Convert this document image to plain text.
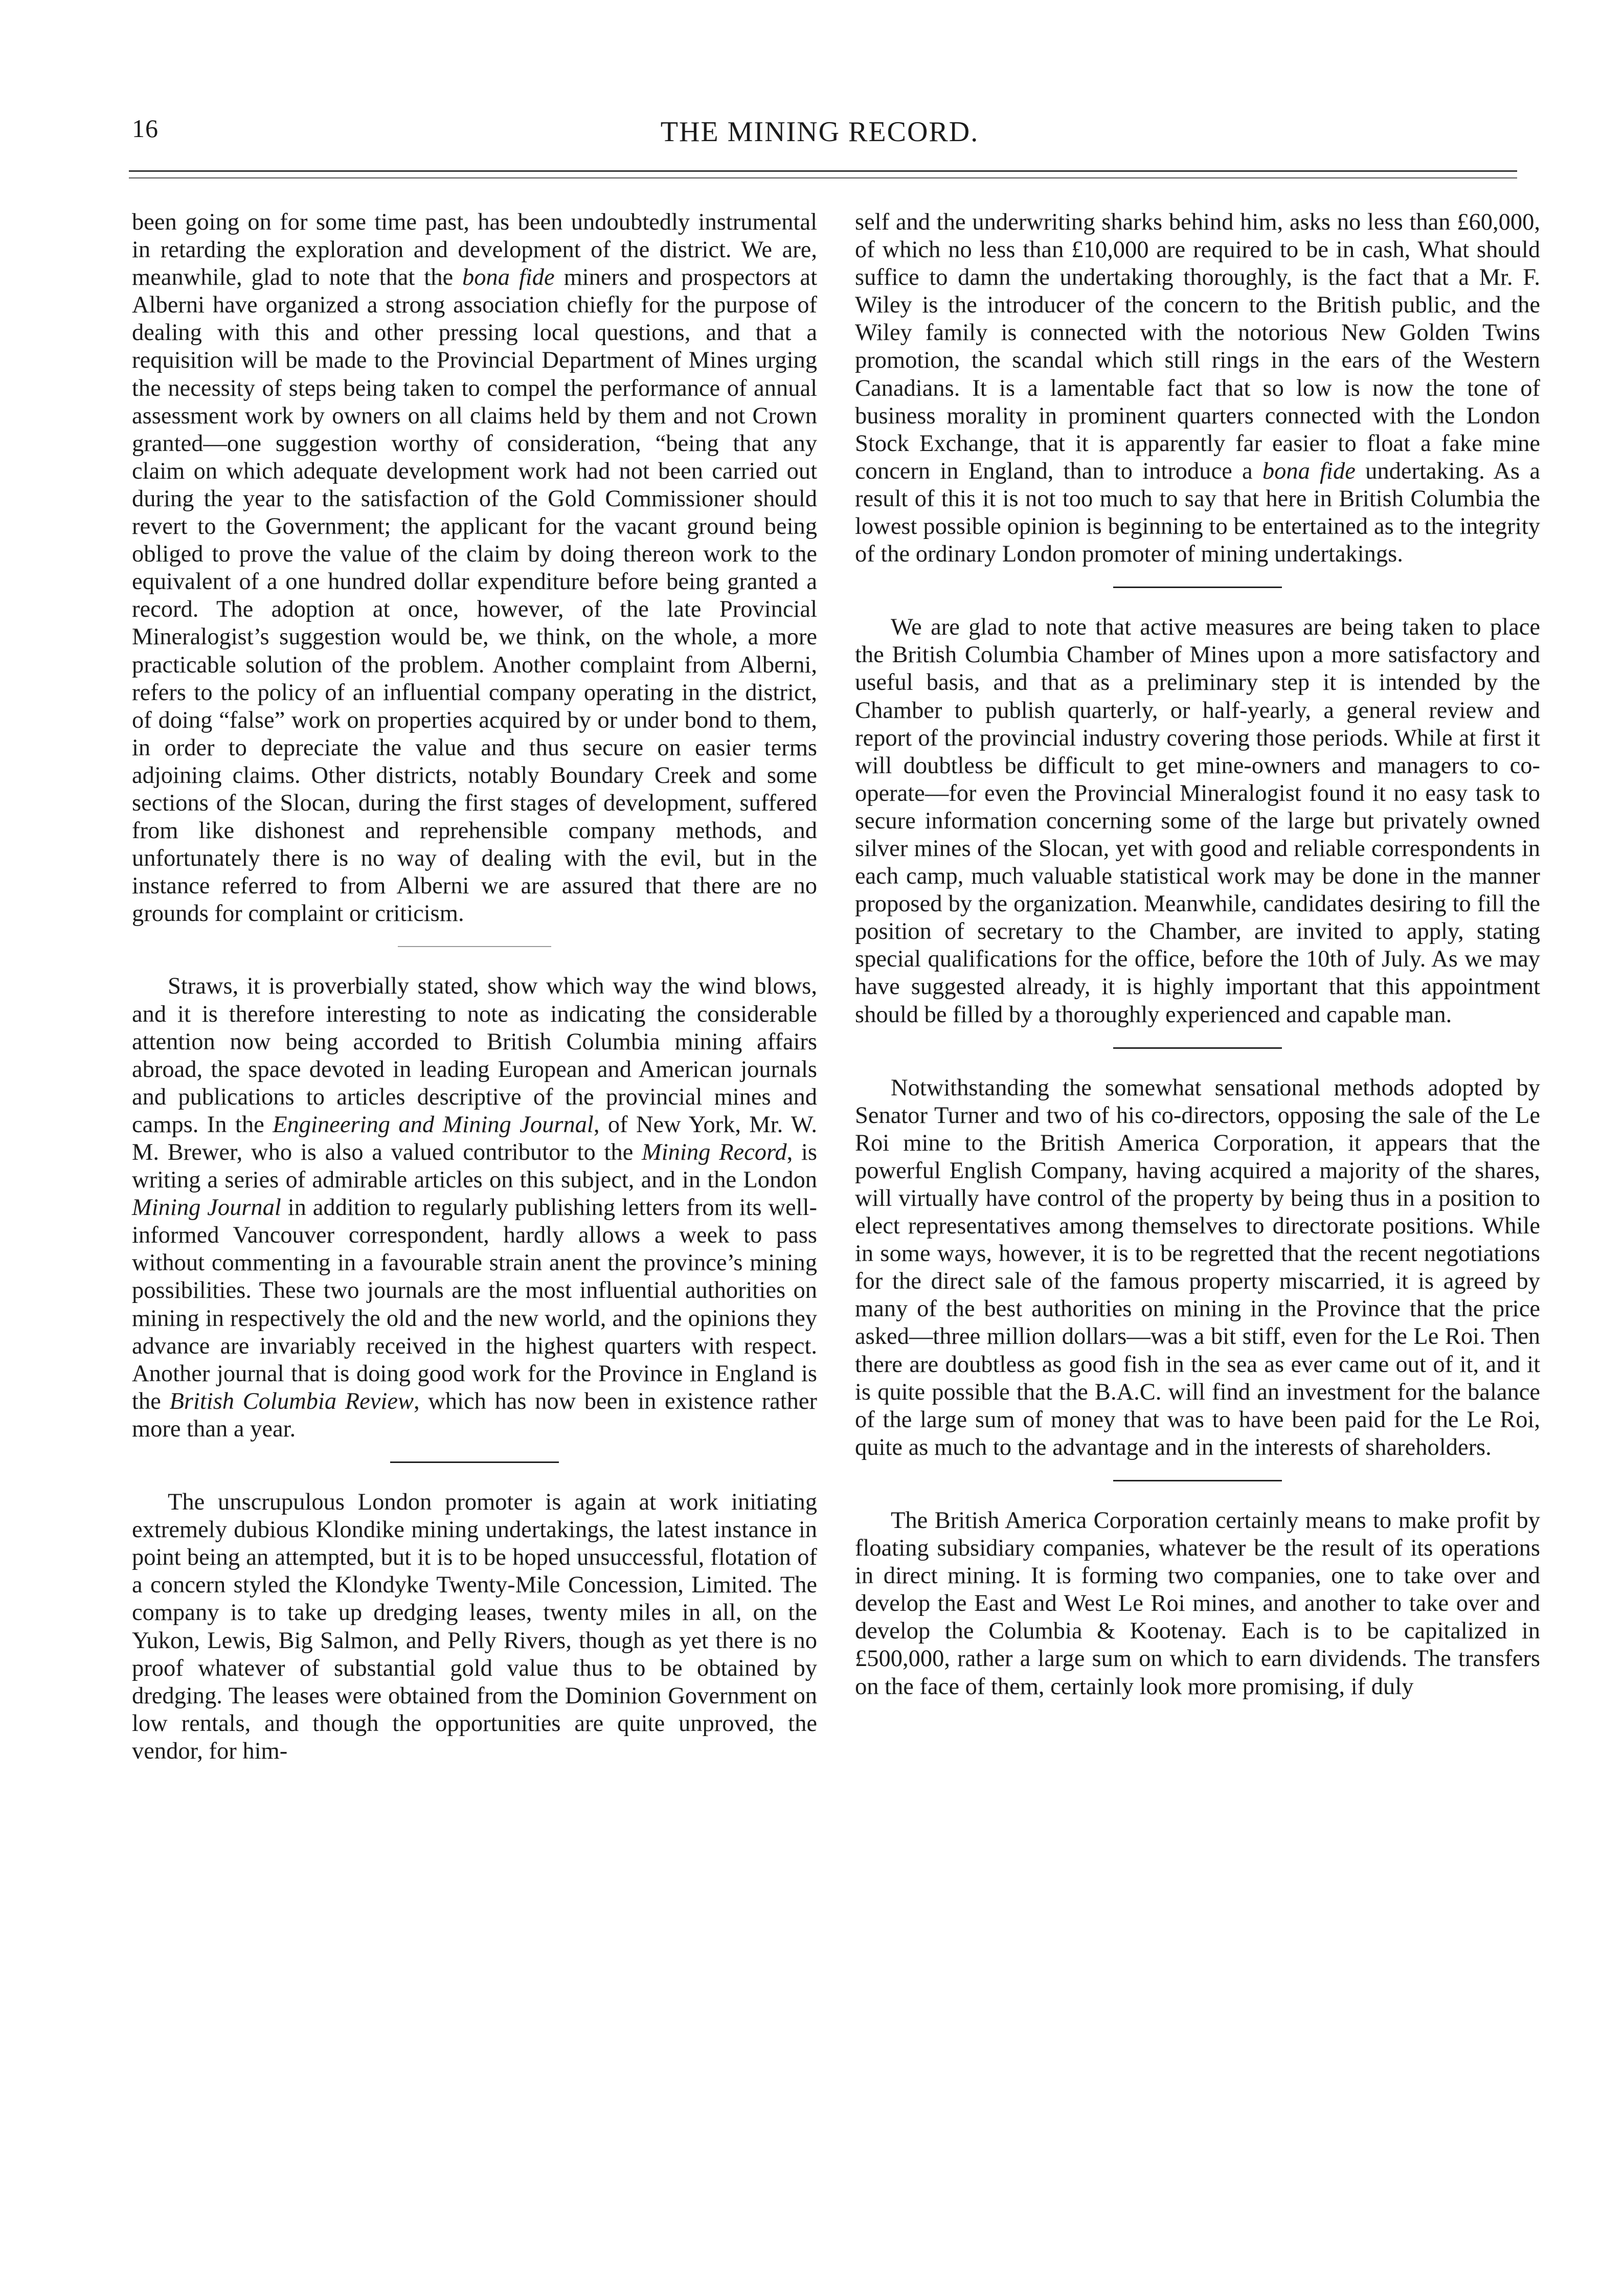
16	THE MINING RECORD.

been going on for some time past, has been undoubtedly instrumental in retarding the exploration and development of the district. We are, meanwhile, glad to note that the bona fide miners and prospectors at Alberni have organized a strong association chiefly for the purpose of dealing with this and other pressing local questions, and that a requisition will be made to the Provincial Department of Mines urging the necessity of steps being taken to compel the performance of annual assessment work by owners on all claims held by them and not Crown granted—one suggestion worthy of consideration, “being that any claim on which adequate development work had not been carried out during the year to the satisfaction of the Gold Commissioner should revert to the Government; the applicant for the vacant ground being obliged to prove the value of the claim by doing thereon work to the equivalent of a one hundred dollar expenditure before being granted a record. The adoption at once, however, of the late Provincial Mineralogist’s suggestion would be, we think, on the whole, a more practicable solution of the problem. Another complaint from Alberni, refers to the policy of an influential company operating in the district, of doing “false” work on properties acquired by or under bond to them, in order to depreciate the value and thus secure on easier terms adjoining claims. Other districts, notably Boundary Creek and some sections of the Slocan, during the first stages of development, suffered from like dishonest and reprehensible company methods, and unfortunately there is no way of dealing with the evil, but in the instance referred to from Alberni we are assured that there are no grounds for complaint or criticism.

Straws, it is proverbially stated, show which way the wind blows, and it is therefore interesting to note as indicating the considerable attention now being accorded to British Columbia mining affairs abroad, the space devoted in leading European and American journals and publications to articles descriptive of the provincial mines and camps. In the Engineering and Mining Journal, of New York, Mr. W. M. Brewer, who is also a valued contributor to the Mining Record, is writing a series of admirable articles on this subject, and in the London Mining Journal in addition to regularly publishing letters from its well-informed Vancouver correspondent, hardly allows a week to pass without commenting in a favourable strain anent the province’s mining possibilities. These two journals are the most influential authorities on mining in respectively the old and the new world, and the opinions they advance are invariably received in the highest quarters with respect. Another journal that is doing good work for the Province in England is the British Columbia Review, which has now been in existence rather more than a year.

The unscrupulous London promoter is again at work initiating extremely dubious Klondike mining undertakings, the latest instance in point being an attempted, but it is to be hoped unsuccessful, flotation of a concern styled the Klondyke Twenty-Mile Concession, Limited. The company is to take up dredging leases, twenty miles in all, on the Yukon, Lewis, Big Salmon, and Pelly Rivers, though as yet there is no proof whatever of substantial gold value thus to be obtained by dredging. The leases were obtained from the Dominion Government on low rentals, and though the opportunities are quite unproved, the vendor, for him-

self and the underwriting sharks behind him, asks no less than £60,000, of which no less than £10,000 are required to be in cash, What should suffice to damn the undertaking thoroughly, is the fact that a Mr. F. Wiley is the introducer of the concern to the British public, and the Wiley family is connected with the notorious New Golden Twins promotion, the scandal which still rings in the ears of the Western Canadians. It is a lamentable fact that so low is now the tone of business morality in prominent quarters connected with the London Stock Exchange, that it is apparently far easier to float a fake mine concern in England, than to introduce a bona fide undertaking. As a result of this it is not too much to say that here in British Columbia the lowest possible opinion is beginning to be entertained as to the integrity of the ordinary London promoter of mining undertakings.

We are glad to note that active measures are being taken to place the British Columbia Chamber of Mines upon a more satisfactory and useful basis, and that as a preliminary step it is intended by the Chamber to publish quarterly, or half-yearly, a general review and report of the provincial industry covering those periods. While at first it will doubtless be difficult to get mine-owners and managers to co-operate—for even the Provincial Mineralogist found it no easy task to secure information concerning some of the large but privately owned silver mines of the Slocan, yet with good and reliable correspondents in each camp, much valuable statistical work may be done in the manner proposed by the organization. Meanwhile, candidates desiring to fill the position of secretary to the Chamber, are invited to apply, stating special qualifications for the office, before the 10th of July. As we may have suggested already, it is highly important that this appointment should be filled by a thoroughly experienced and capable man.

Notwithstanding the somewhat sensational methods adopted by Senator Turner and two of his co-directors, opposing the sale of the Le Roi mine to the British America Corporation, it appears that the powerful English Company, having acquired a majority of the shares, will virtually have control of the property by being thus in a position to elect representatives among themselves to directorate positions. While in some ways, however, it is to be regretted that the recent negotiations for the direct sale of the famous property miscarried, it is agreed by many of the best authorities on mining in the Province that the price asked—three million dollars—was a bit stiff, even for the Le Roi. Then there are doubtless as good fish in the sea as ever came out of it, and it is quite possible that the B.A.C. will find an investment for the balance of the large sum of money that was to have been paid for the Le Roi, quite as much to the advantage and in the interests of shareholders.

The British America Corporation certainly means to make profit by floating subsidiary companies, whatever be the result of its operations in direct mining. It is forming two companies, one to take over and develop the East and West Le Roi mines, and another to take over and develop the Columbia & Kootenay. Each is to be capitalized in £500,000, rather a large sum on which to earn dividends. The transfers on the face of them, certainly look more promising, if duly
